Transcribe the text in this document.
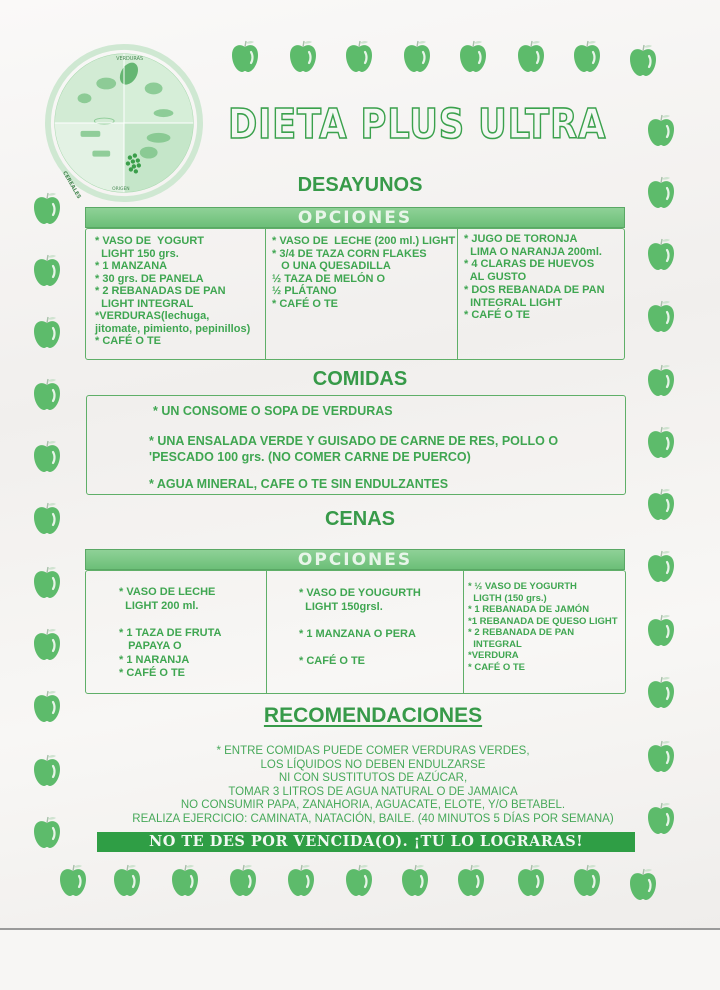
VERDURAS
CEREALES	ORIGEN
DIETA PLUS ULTRA
DESAYUNOS
OPCIONES
* VASO DE  YOGURT
LIGHT 150 grs.
* 1 MANZANA
* 30 grs. DE PANELA
* 2 REBANADAS DE PAN
LIGHT INTEGRAL
*VERDURAS(lechuga,
jitomate, pimiento, pepinillos)
* CAFÉ O TE
* VASO DE  LECHE (200 ml.) LIGHT
* 3/4 DE TAZA CORN FLAKES
O UNA QUESADILLA
½ TAZA DE MELÓN O
½ PLÁTANO
* CAFÉ O TE
* JUGO DE TORONJA
LIMA O NARANJA 200ml.
* 4 CLARAS DE HUEVOS
AL GUSTO
* DOS REBANADA DE PAN
INTEGRAL LIGHT
* CAFÉ O TE
COMIDAS
* UN CONSOME O SOPA DE VERDURAS
* UNA ENSALADA VERDE Y GUISADO DE CARNE DE RES, POLLO O
'PESCADO 100 grs. (NO COMER CARNE DE PUERCO)
* AGUA MINERAL, CAFE O TE SIN ENDULZANTES
CENAS
OPCIONES
* VASO DE LECHE
LIGHT 200 ml.

* 1 TAZA DE FRUTA
PAPAYA O
* 1 NARANJA
* CAFÉ O TE
* VASO DE YOUGURTH
LIGHT 150grsl.

* 1 MANZANA O PERA

* CAFÉ O TE
* ½ VASO DE YOGURTH
LIGTH (150 grs.)
* 1 REBANADA DE JAMÓN
*1 REBANADA DE QUESO LIGHT
* 2 REBANADA DE PAN
INTEGRAL
*VERDURA
* CAFÉ O TE
RECOMENDACIONES
* ENTRE COMIDAS PUEDE COMER VERDURAS VERDES,
LOS LÍQUIDOS NO DEBEN ENDULZARSE
NI CON SUSTITUTOS DE AZÚCAR,
TOMAR 3 LITROS DE AGUA NATURAL O DE JAMAICA
NO CONSUMIR PAPA, ZANAHORIA, AGUACATE, ELOTE, Y/O BETABEL.
REALIZA EJERCICIO: CAMINATA, NATACIÓN, BAILE. (40 MINUTOS 5 DÍAS POR SEMANA)
NO TE DES POR VENCIDA(O). ¡TU LO LOGRARAS!
